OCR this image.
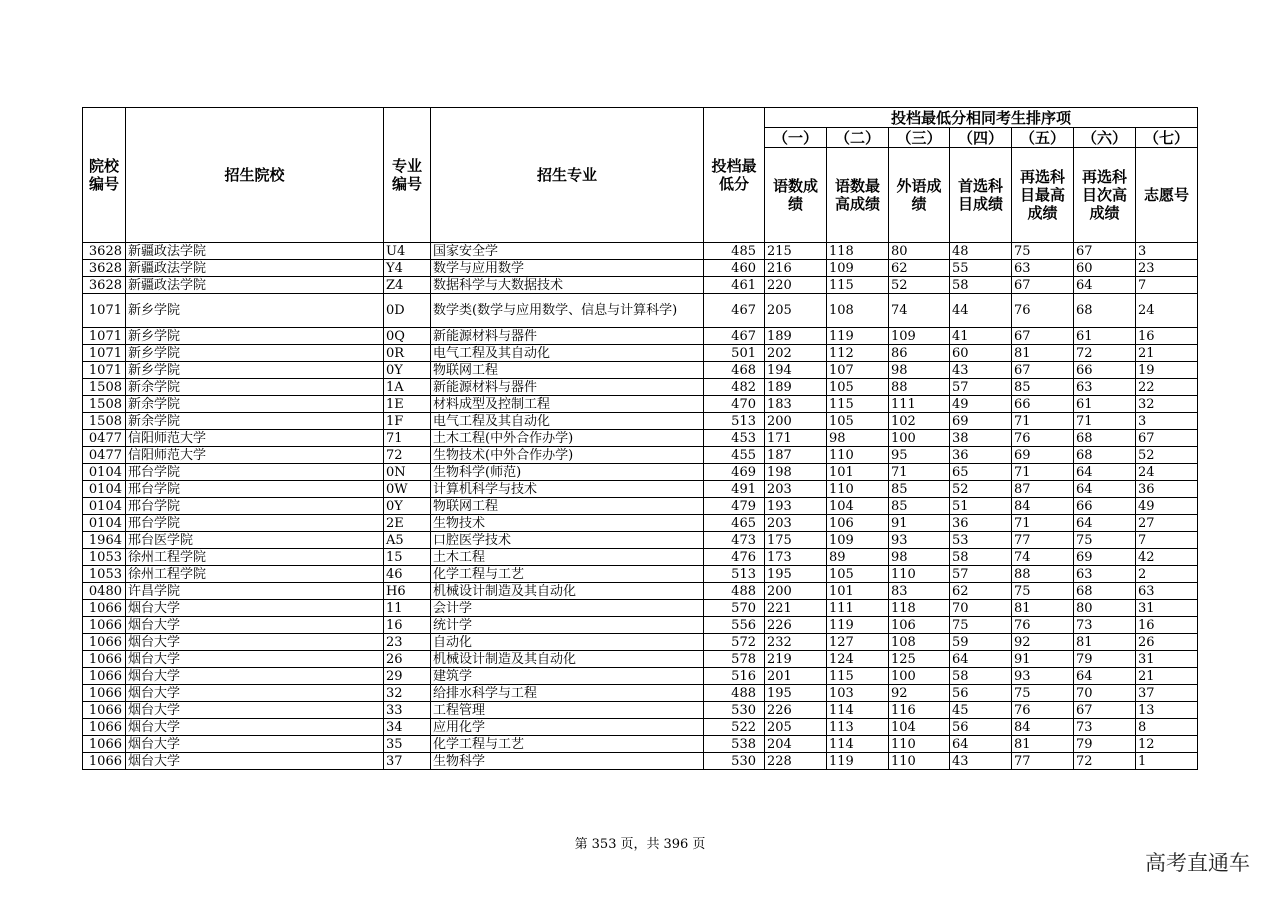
院校编号	招生院校	专业编号	招生专业	投档最低分	投档最低分相同考生排序项						
					（一）	（二）	（三）	（四）	（五）	（六）	（七）
					语数成绩	语数最高成绩	外语成绩	首选科目成绩	再选科目最高成绩	再选科目次高成绩	志愿号
3628	新疆政法学院	U4	国家安全学	485	215	118	80	48	75	67	3
3628	新疆政法学院	Y4	数学与应用数学	460	216	109	62	55	63	60	23
3628	新疆政法学院	Z4	数据科学与大数据技术	461	220	115	52	58	67	64	7
1071	新乡学院	0D	数学类(数学与应用数学、信息与计算科学)	467	205	108	74	44	76	68	24
1071	新乡学院	0Q	新能源材料与器件	467	189	119	109	41	67	61	16
1071	新乡学院	0R	电气工程及其自动化	501	202	112	86	60	81	72	21
1071	新乡学院	0Y	物联网工程	468	194	107	98	43	67	66	19
1508	新余学院	1A	新能源材料与器件	482	189	105	88	57	85	63	22
1508	新余学院	1E	材料成型及控制工程	470	183	115	111	49	66	61	32
1508	新余学院	1F	电气工程及其自动化	513	200	105	102	69	71	71	3
0477	信阳师范大学	71	土木工程(中外合作办学)	453	171	98	100	38	76	68	67
0477	信阳师范大学	72	生物技术(中外合作办学)	455	187	110	95	36	69	68	52
0104	邢台学院	0N	生物科学(师范)	469	198	101	71	65	71	64	24
0104	邢台学院	0W	计算机科学与技术	491	203	110	85	52	87	64	36
0104	邢台学院	0Y	物联网工程	479	193	104	85	51	84	66	49
0104	邢台学院	2E	生物技术	465	203	106	91	36	71	64	27
1964	邢台医学院	A5	口腔医学技术	473	175	109	93	53	77	75	7
1053	徐州工程学院	15	土木工程	476	173	89	98	58	74	69	42
1053	徐州工程学院	46	化学工程与工艺	513	195	105	110	57	88	63	2
0480	许昌学院	H6	机械设计制造及其自动化	488	200	101	83	62	75	68	63
1066	烟台大学	11	会计学	570	221	111	118	70	81	80	31
1066	烟台大学	16	统计学	556	226	119	106	75	76	73	16
1066	烟台大学	23	自动化	572	232	127	108	59	92	81	26
1066	烟台大学	26	机械设计制造及其自动化	578	219	124	125	64	91	79	31
1066	烟台大学	29	建筑学	516	201	115	100	58	93	64	21
1066	烟台大学	32	给排水科学与工程	488	195	103	92	56	75	70	37
1066	烟台大学	33	工程管理	530	226	114	116	45	76	67	13
1066	烟台大学	34	应用化学	522	205	113	104	56	84	73	8
1066	烟台大学	35	化学工程与工艺	538	204	114	110	64	81	79	12
1066	烟台大学	37	生物科学	530	228	119	110	43	77	72	1
第 353 页，共 396 页
高考直通车
